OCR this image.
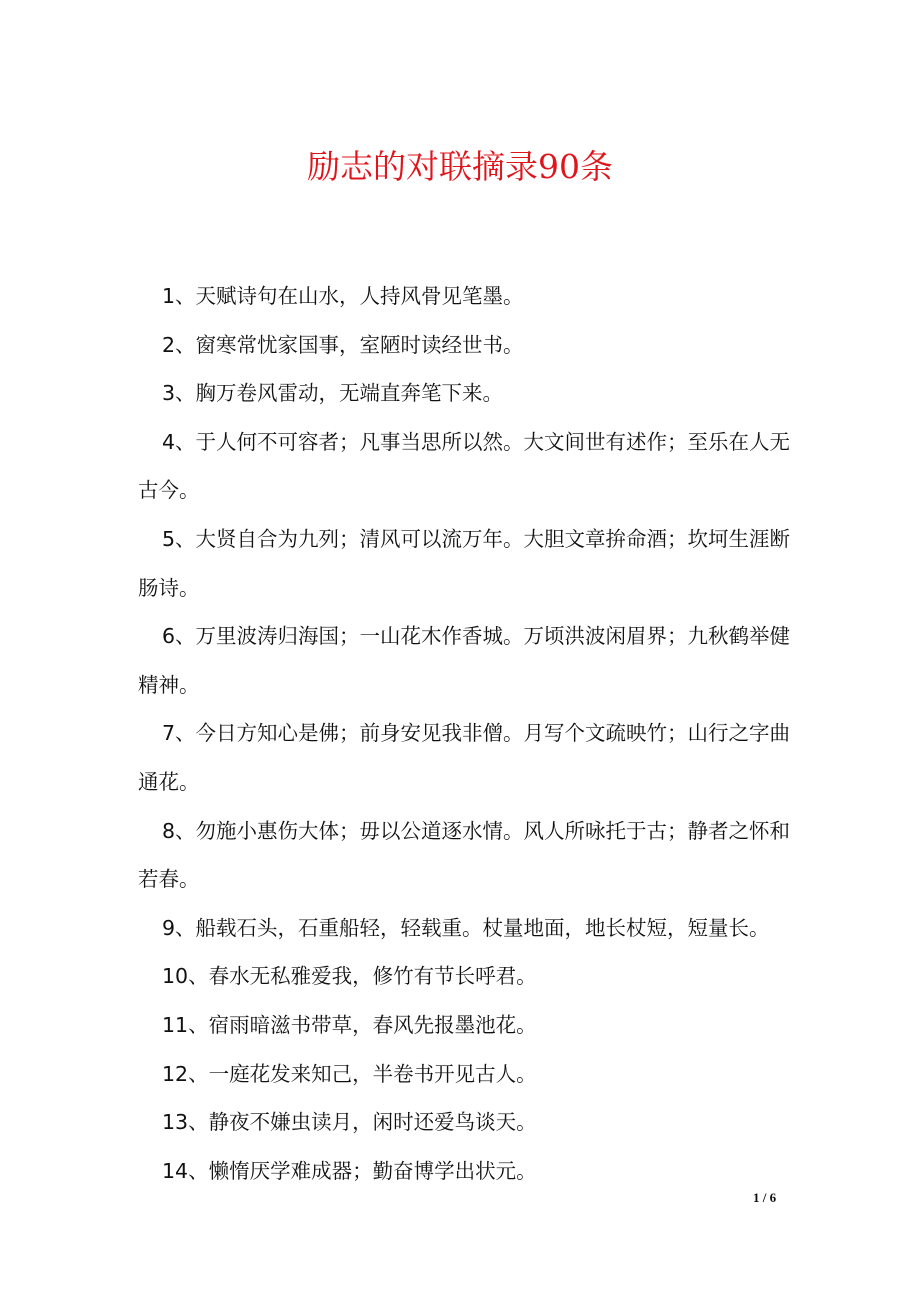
励志的对联摘录90条

1、天赋诗句在山水，人持风骨见笔墨。

2、窗寒常忧家国事，室陋时读经世书。

3、胸万卷风雷动，无端直奔笔下来。

4、于人何不可容者；凡事当思所以然。大文间世有述作；至乐在人无古今。

5、大贤自合为九列；清风可以流万年。大胆文章拚命酒；坎坷生涯断肠诗。

6、万里波涛归海国；一山花木作香城。万顷洪波闲眉界；九秋鹤举健精神。

7、今日方知心是佛；前身安见我非僧。月写个文疏映竹；山行之字曲通花。

8、勿施小惠伤大体；毋以公道逐水情。风人所咏托于古；静者之怀和若春。

9、船载石头，石重船轻，轻载重。杖量地面，地长杖短，短量长。

10、春水无私雅爱我，修竹有节长呼君。

11、宿雨暗滋书带草，春风先报墨池花。

12、一庭花发来知己，半卷书开见古人。

13、静夜不嫌虫读月，闲时还爱鸟谈天。

14、懒惰厌学难成器；勤奋博学出状元。

1 / 6
